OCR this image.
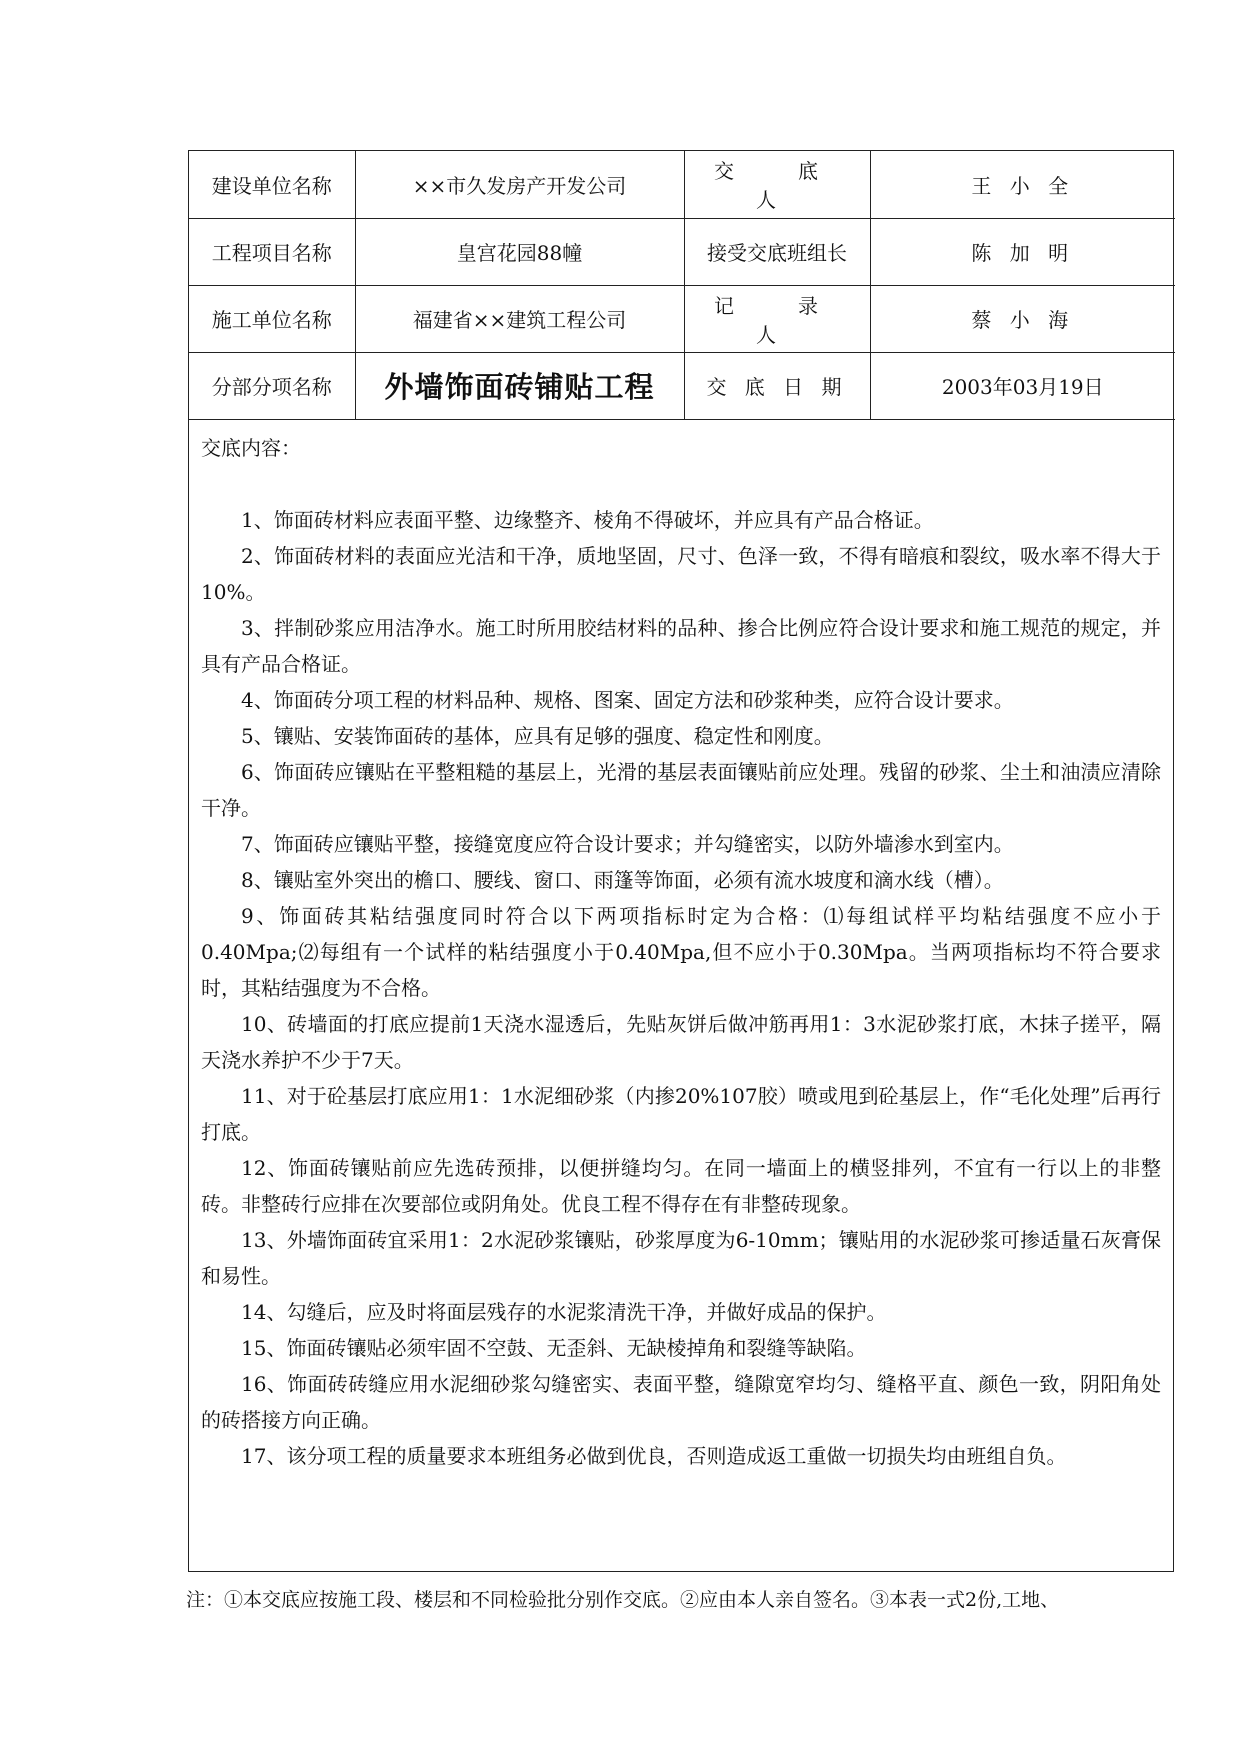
建设单位名称	××市久发房产开发公司	交　底　人	王 小 全
工程项目名称	皇宫花园88幢	接受交底班组长	陈 加 明
施工单位名称	福建省××建筑工程公司	记　录　人	蔡 小 海
分部分项名称	外墙饰面砖铺贴工程	交 底 日 期	2003年03月19日

交底内容：

1、饰面砖材料应表面平整、边缘整齐、棱角不得破坏，并应具有产品合格证。

2、饰面砖材料的表面应光洁和干净，质地坚固，尺寸、色泽一致，不得有暗痕和裂纹，吸水率不得大于10%。

3、拌制砂浆应用洁净水。施工时所用胶结材料的品种、掺合比例应符合设计要求和施工规范的规定，并具有产品合格证。

4、饰面砖分项工程的材料品种、规格、图案、固定方法和砂浆种类，应符合设计要求。

5、镶贴、安装饰面砖的基体，应具有足够的强度、稳定性和刚度。

6、饰面砖应镶贴在平整粗糙的基层上，光滑的基层表面镶贴前应处理。残留的砂浆、尘土和油渍应清除干净。

7、饰面砖应镶贴平整，接缝宽度应符合设计要求；并勾缝密实，以防外墙渗水到室内。

8、镶贴室外突出的檐口、腰线、窗口、雨篷等饰面，必须有流水坡度和滴水线（槽）。

9、饰面砖其粘结强度同时符合以下两项指标时定为合格：⑴每组试样平均粘结强度不应小于0.40Mpa;⑵每组有一个试样的粘结强度小于0.40Mpa,但不应小于0.30Mpa。当两项指标均不符合要求时，其粘结强度为不合格。

10、砖墙面的打底应提前1天浇水湿透后，先贴灰饼后做冲筋再用1：3水泥砂浆打底，木抹子搓平，隔天浇水养护不少于7天。

11、对于砼基层打底应用1：1水泥细砂浆（内掺20%107胶）喷或甩到砼基层上，作“毛化处理”后再行打底。

12、饰面砖镶贴前应先选砖预排，以便拼缝均匀。在同一墙面上的横竖排列，不宜有一行以上的非整砖。非整砖行应排在次要部位或阴角处。优良工程不得存在有非整砖现象。

13、外墙饰面砖宜采用1：2水泥砂浆镶贴，砂浆厚度为6-10mm；镶贴用的水泥砂浆可掺适量石灰膏保和易性。

14、勾缝后，应及时将面层残存的水泥浆清洗干净，并做好成品的保护。

15、饰面砖镶贴必须牢固不空鼓、无歪斜、无缺棱掉角和裂缝等缺陷。

16、饰面砖砖缝应用水泥细砂浆勾缝密实、表面平整，缝隙宽窄均匀、缝格平直、颜色一致，阴阳角处的砖搭接方向正确。

17、该分项工程的质量要求本班组务必做到优良，否则造成返工重做一切损失均由班组自负。

注：①本交底应按施工段、楼层和不同检验批分别作交底。②应由本人亲自签名。③本表一式2份,工地、
